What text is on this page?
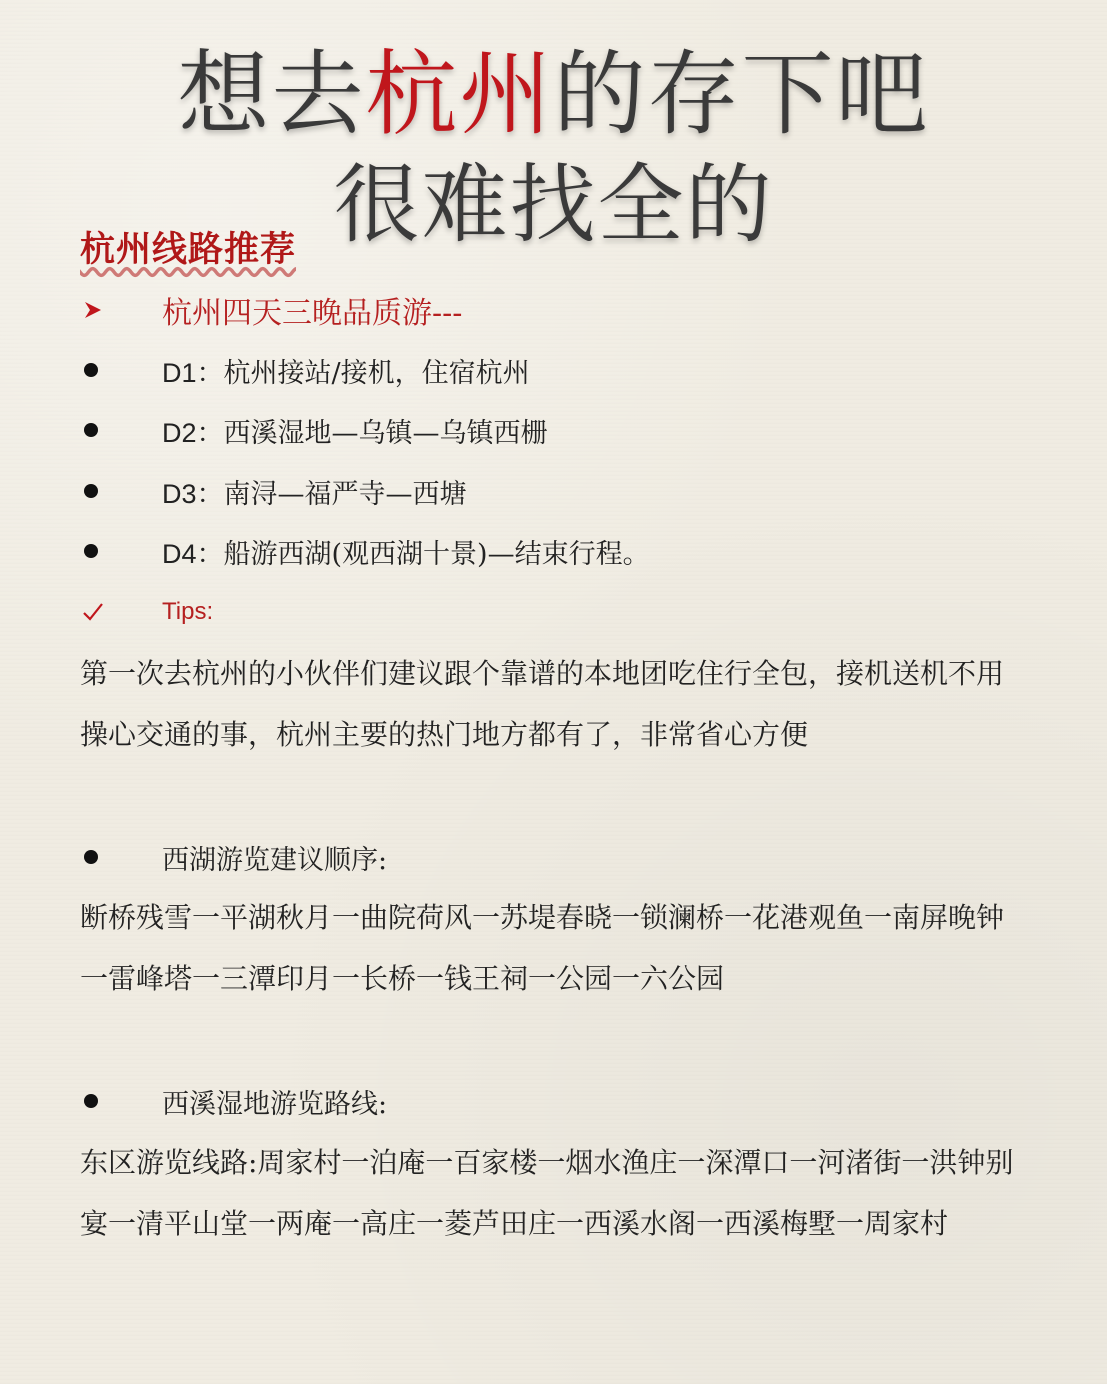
想去杭州的存下吧
很难找全的
杭州线路推荐
杭州四天三晚品质游---
D1：杭州接站/接机，住宿杭州
D2：西溪湿地—乌镇—乌镇西栅
D3：南浔—福严寺—西塘
D4：船游西湖(观西湖十景)—结束行程。
Tips:
第一次去杭州的小伙伴们建议跟个靠谱的本地团吃住行全包，接机送机不用操心交通的事，杭州主要的热门地方都有了，非常省心方便
西湖游览建议顺序:
断桥残雪一平湖秋月一曲院荷风一苏堤春晓一锁澜桥一花港观鱼一南屏晚钟一雷峰塔一三潭印月一长桥一钱王祠一公园一六公园
西溪湿地游览路线:
东区游览线路:周家村一泊庵一百家楼一烟水渔庄一深潭口一河渚街一洪钟别宴一清平山堂一两庵一高庄一菱芦田庄一西溪水阁一西溪梅墅一周家村
